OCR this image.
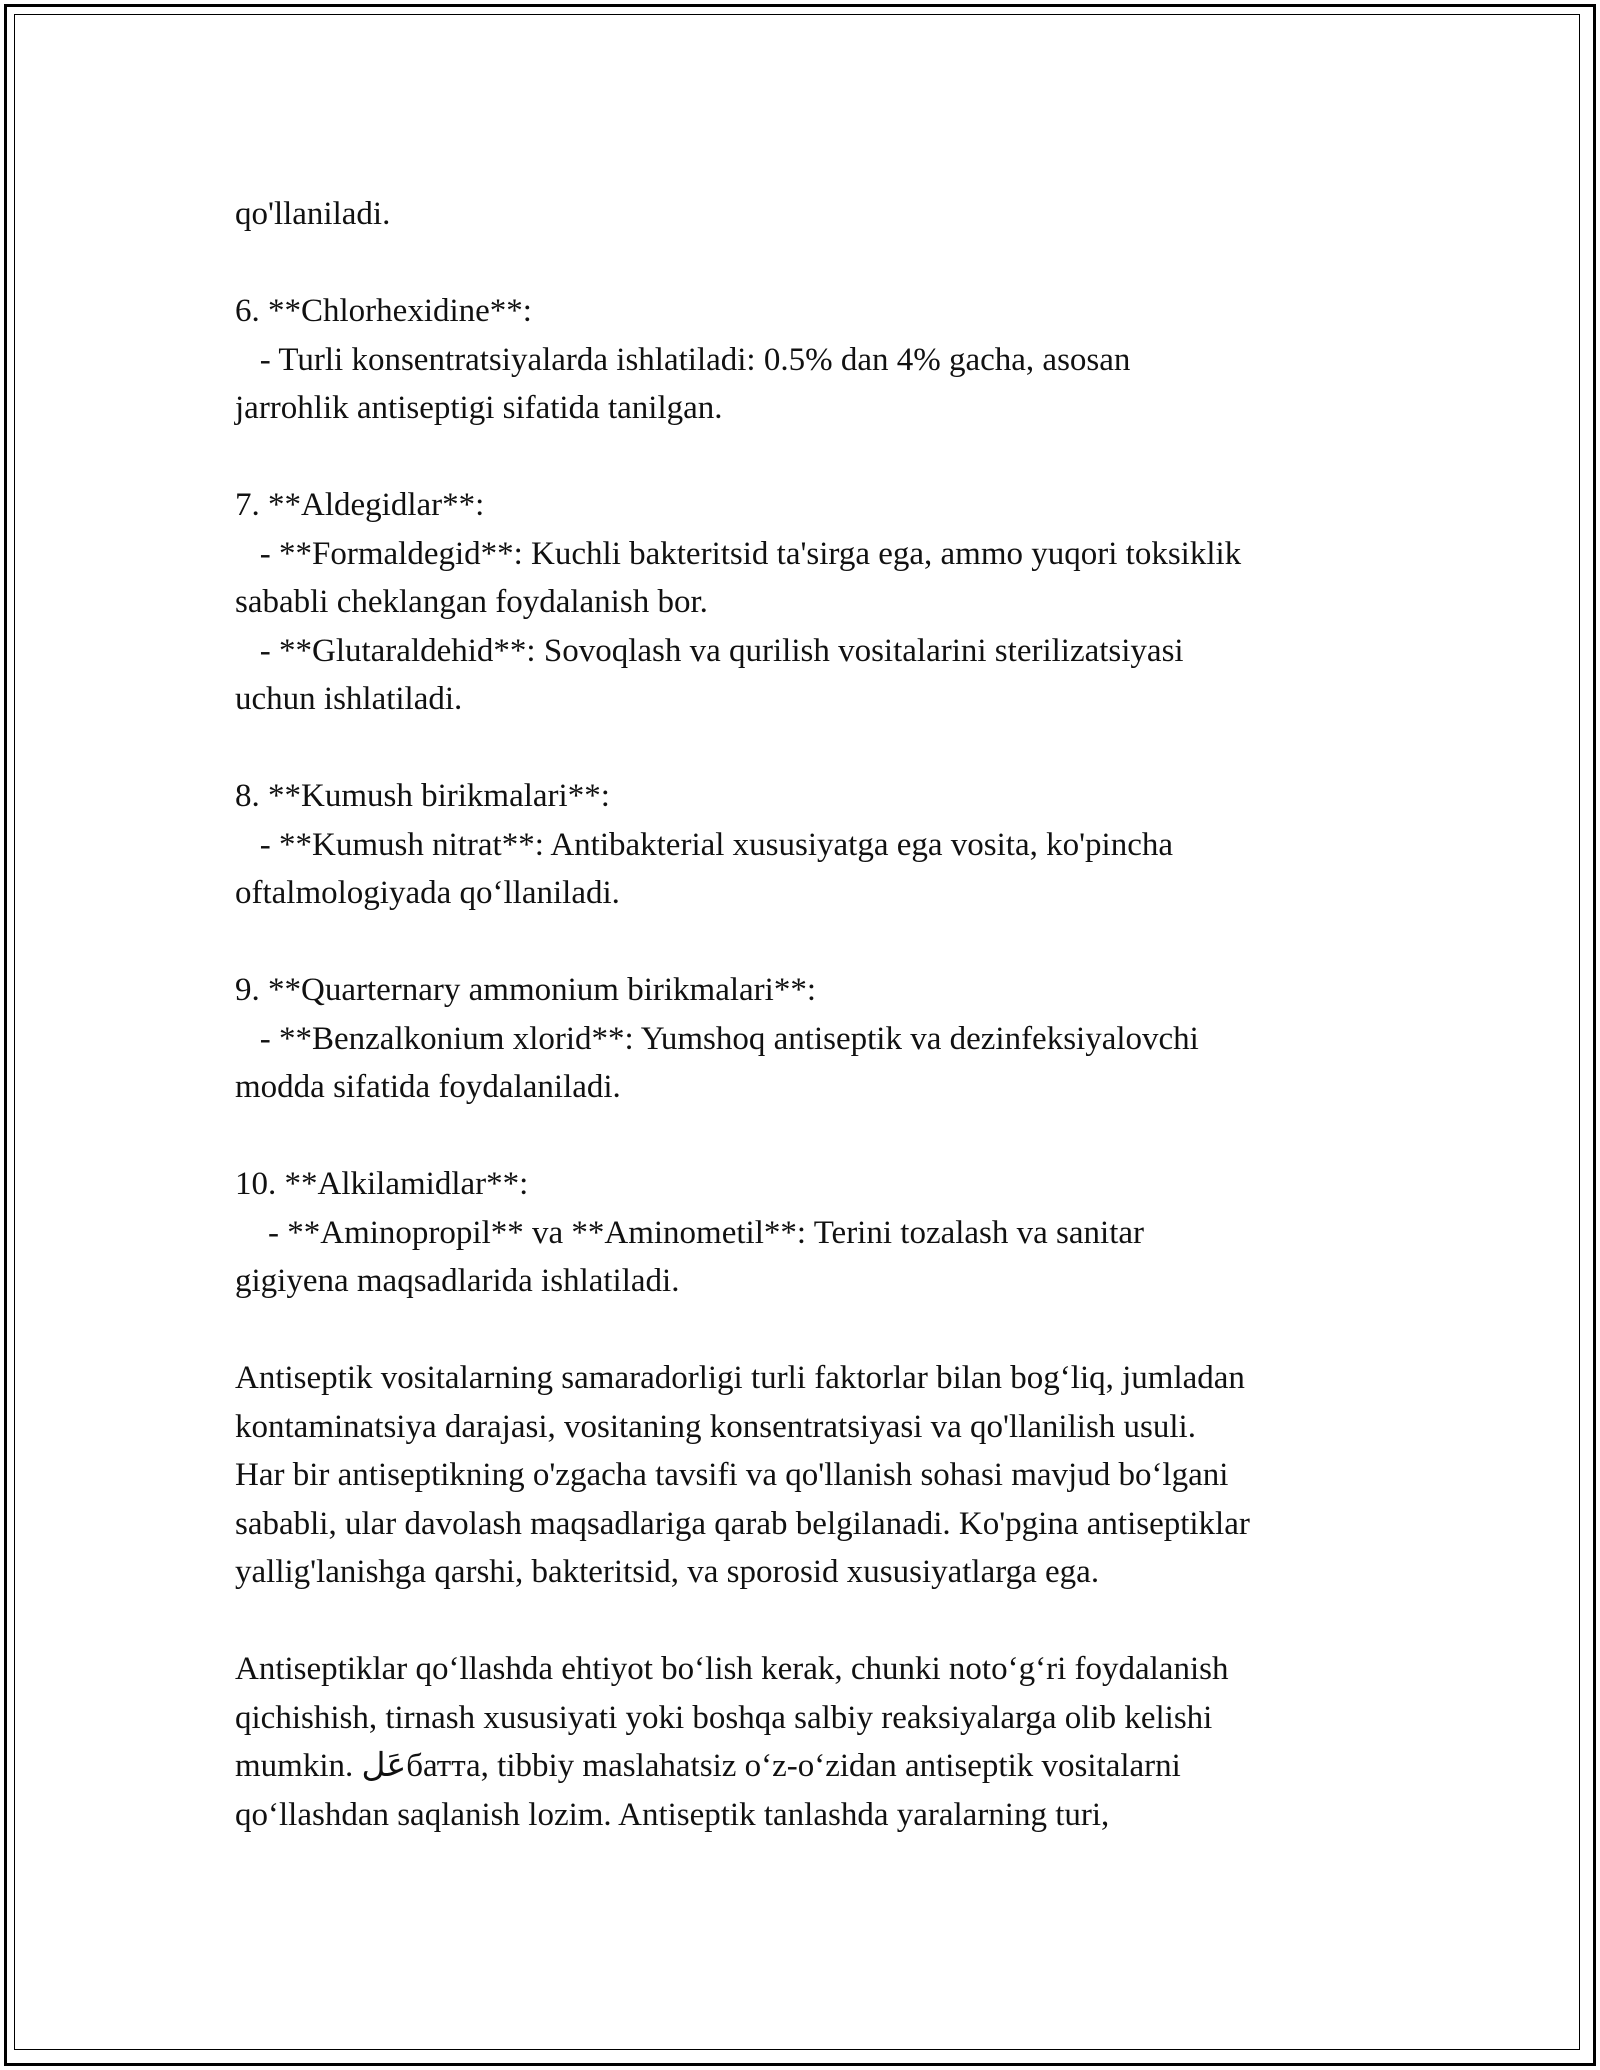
qo'llaniladi.
6. **Chlorhexidine**:
- Turli konsentratsiyalarda ishlatiladi: 0.5% dan 4% gacha, asosan
jarrohlik antiseptigi sifatida tanilgan.
7. **Aldegidlar**:
- **Formaldegid**: Kuchli bakteritsid ta'sirga ega, ammo yuqori toksiklik
sababli cheklangan foydalanish bor.
- **Glutaraldehid**: Sovoqlash va qurilish vositalarini sterilizatsiyasi
uchun ishlatiladi.
8. **Kumush birikmalari**:
- **Kumush nitrat**: Antibakterial xususiyatga ega vosita, ko'pincha
oftalmologiyada qo‘llaniladi.
9. **Quarternary ammonium birikmalari**:
- **Benzalkonium xlorid**: Yumshoq antiseptik va dezinfeksiyalovchi
modda sifatida foydalaniladi.
10. **Alkilamidlar**:
- **Aminopropil** va **Aminometil**: Terini tozalash va sanitar
gigiyena maqsadlarida ishlatiladi.
Antiseptik vositalarning samaradorligi turli faktorlar bilan bog‘liq, jumladan
kontaminatsiya darajasi, vositaning konsentratsiyasi va qo'llanilish usuli.
Har bir antiseptikning o'zgacha tavsifi va qo'llanish sohasi mavjud bo‘lgani
sababli, ular davolash maqsadlariga qarab belgilanadi. Ko'pgina antiseptiklar
yallig'lanishga qarshi, bakteritsid, va sporosid xususiyatlarga ega.
Antiseptiklar qo‘llashda ehtiyot bo‘lish kerak, chunki noto‘g‘ri foydalanish
qichishish, tirnash xususiyati yoki boshqa salbiy reaksiyalarga olib kelishi
mumkin. عَلбатта, tibbiy maslahatsiz o‘z-o‘zidan antiseptik vositalarni
qo‘llashdan saqlanish lozim. Antiseptik tanlashda yaralarning turi,
